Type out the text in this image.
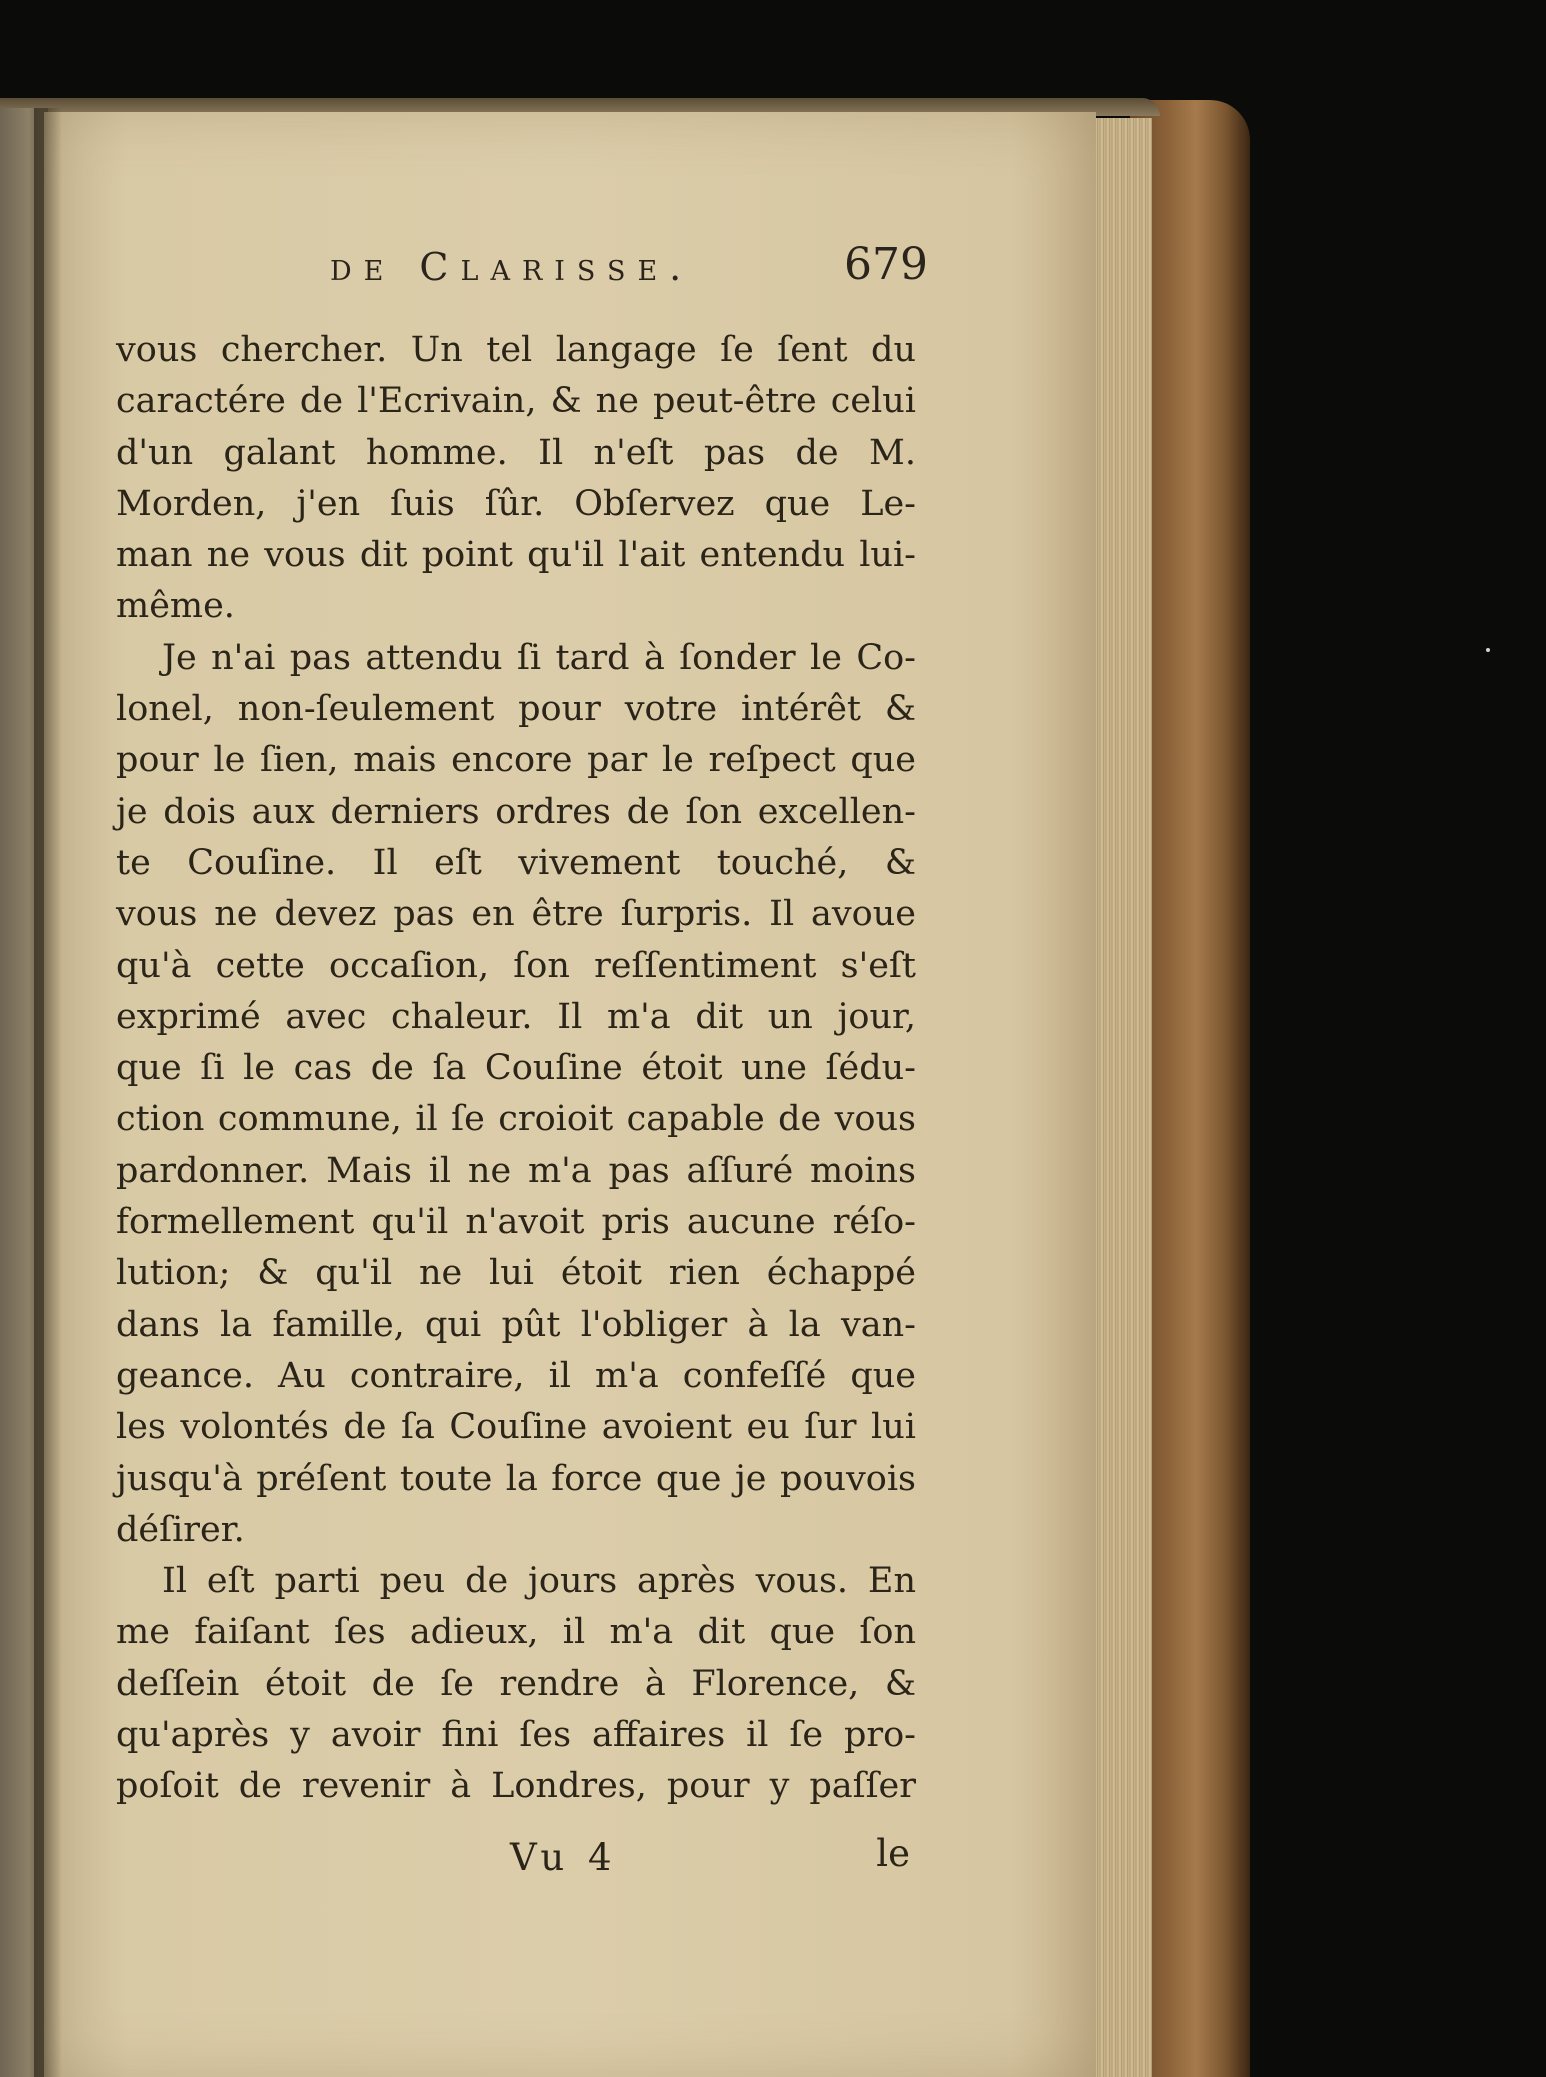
de Clarisse.	679
vous chercher. Un tel langage ſe ſent du
caractére de l'Ecrivain, & ne peut-être celui
d'un galant homme. Il n'eſt pas de M.
Morden, j'en ſuis ſûr. Obſervez que Le-
man ne vous dit point qu'il l'ait entendu lui-
même.
Je n'ai pas attendu ſi tard à ſonder le Co-
lonel, non-ſeulement pour votre intérêt &
pour le ſien, mais encore par le reſpect que
je dois aux derniers ordres de ſon excellen-
te Couſine. Il eſt vivement touché, &
vous ne devez pas en être ſurpris. Il avoue
qu'à cette occaſion, ſon reſſentiment s'eſt
exprimé avec chaleur. Il m'a dit un jour,
que ſi le cas de ſa Couſine étoit une ſédu-
ction commune, il ſe croioit capable de vous
pardonner. Mais il ne m'a pas aſſuré moins
formellement qu'il n'avoit pris aucune réſo-
lution; & qu'il ne lui étoit rien échappé
dans la famille, qui pût l'obliger à la van-
geance. Au contraire, il m'a confeſſé que
les volontés de ſa Couſine avoient eu ſur lui
jusqu'à préſent toute la force que je pouvois
déſirer.
Il eſt parti peu de jours après vous. En
me faiſant ſes adieux, il m'a dit que ſon
deſſein étoit de ſe rendre à Florence, &
qu'après y avoir fini ſes affaires il ſe pro-
poſoit de revenir à Londres, pour y paſſer
Vu 4	le
